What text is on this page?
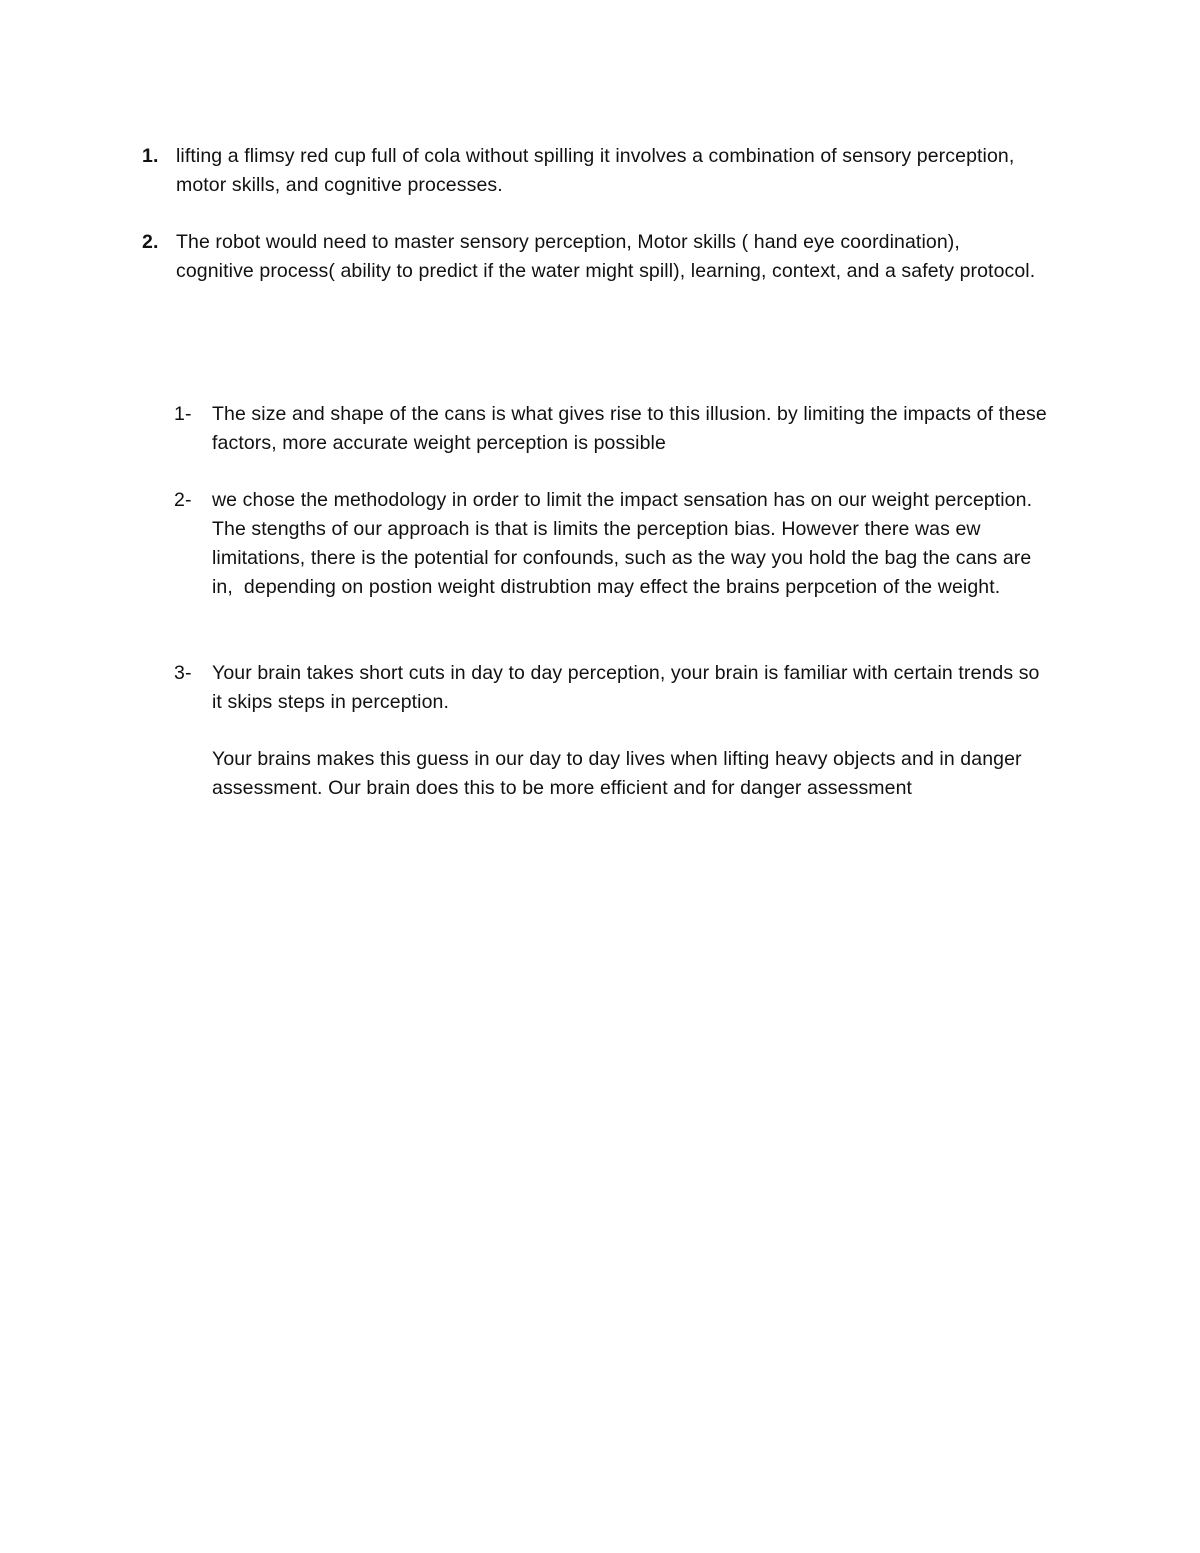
1. lifting a flimsy red cup full of cola without spilling it involves a combination of sensory perception, motor skills, and cognitive processes.
2. The robot would need to master sensory perception, Motor skills ( hand eye coordination), cognitive process( ability to predict if the water might spill), learning, context, and a safety protocol.
1-	The size and shape of the cans is what gives rise to this illusion. by limiting the impacts of these factors, more accurate weight perception is possible
2-	we chose the methodology in order to limit the impact sensation has on our weight perception. The stengths of our approach is that is limits the perception bias. However there was ew limitations, there is the potential for confounds, such as the way you hold the bag the cans are in,  depending on postion weight distrubtion may effect the brains perpcetion of the weight.
3-	Your brain takes short cuts in day to day perception, your brain is familiar with certain trends so it skips steps in perception.
Your brains makes this guess in our day to day lives when lifting heavy objects and in danger assessment. Our brain does this to be more efficient and for danger assessment
